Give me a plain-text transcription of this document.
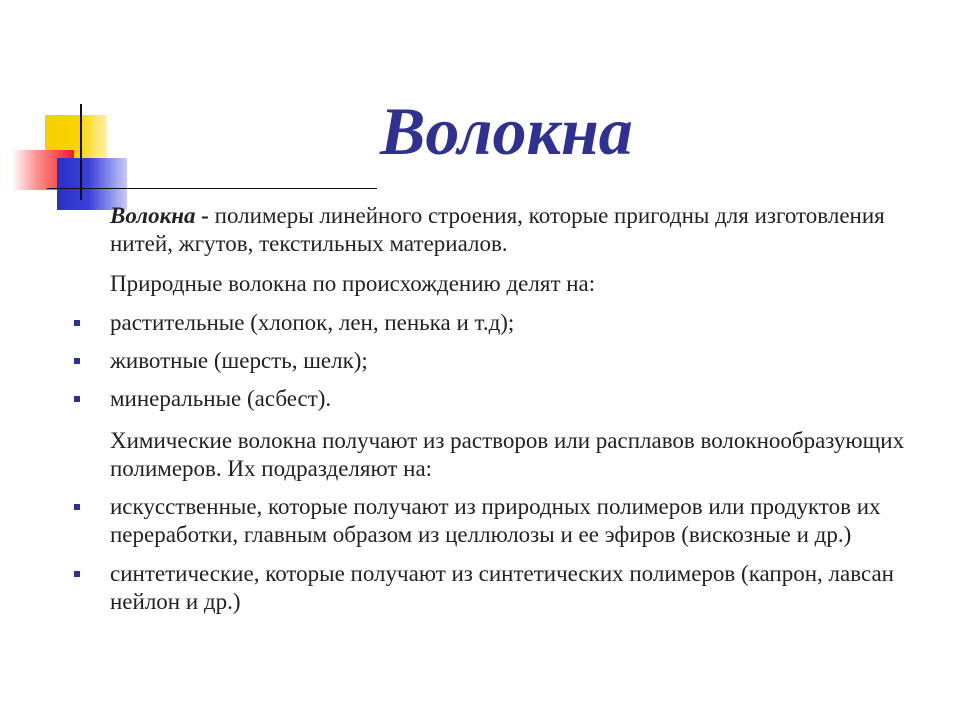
Волокна

Волокна - полимеры линейного строения, которые пригодны для изготовления нитей, жгутов, текстильных материалов.

Природные волокна по происхождению делят на:

растительные (хлопок, лен, пенька и т.д);
животные (шерсть, шелк);
минеральные (асбест).

Химические волокна получают из растворов или расплавов волокнообразующих полимеров. Их подразделяют на:

искусственные, которые получают из природных полимеров или продуктов их переработки, главным образом из целлюлозы и ее эфиров (вискозные и др.)
синтетические, которые получают из синтетических полимеров (капрон, лавсан нейлон и др.)
